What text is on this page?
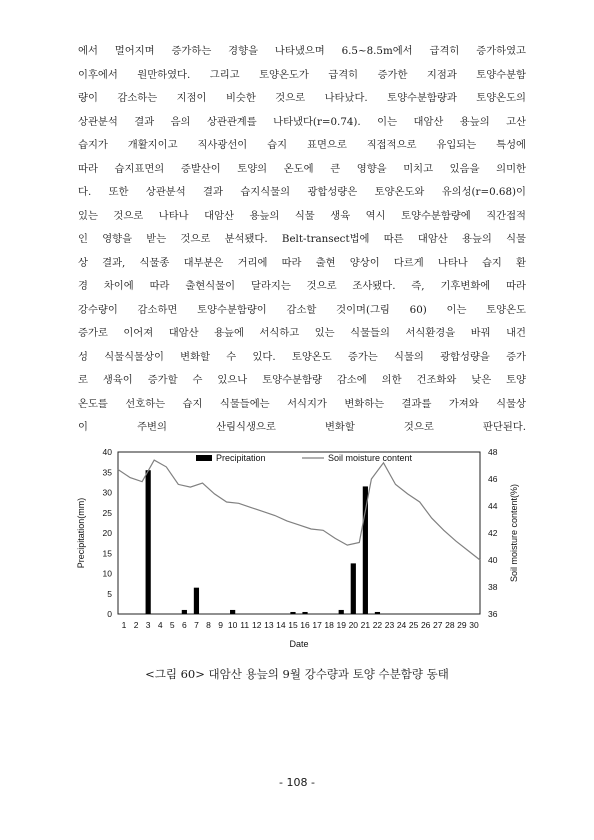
에서 멀어지며 증가하는 경향을 나타냈으며 6.5~8.5m에서 급격히 증가하였고
이후에서 원만하였다. 그리고 토양온도가 급격히 증가한 지점과 토양수분함
량이 감소하는 지점이 비슷한 것으로 나타났다. 토양수분함량과 토양온도의
상관분석 결과 음의 상관관계를 나타냈다(r=0.74). 이는 대암산 용늪의 고산
습지가 개활지이고 직사광선이 습지 표면으로 직접적으로 유입되는 특성에
따라 습지표면의 증발산이 토양의 온도에 큰 영향을 미치고 있음을 의미한
다. 또한 상관분석 결과 습지식물의 광합성량은 토양온도와 유의성(r=0.68)이
있는 것으로 나타나 대암산 용늪의 식물 생육 역시 토양수분함량에 직간접적
인 영향을 받는 것으로 분석됐다. Belt-transect법에 따른 대암산 용늪의 식물
상 결과, 식물종 대부분은 거리에 따라 출현 양상이 다르게 나타나 습지 환
경 차이에 따라 출현식물이 달라지는 것으로 조사됐다. 즉, 기후변화에 따라
강수량이 감소하면 토양수분함량이 감소할 것이며(그림 60) 이는 토양온도
증가로 이어져 대암산 용늪에 서식하고 있는 식물들의 서식환경을 바꿔 내건
성 식물식물상이 변화할 수 있다. 토양온도 증가는 식물의 광합성량을 증가
로 생육이 증가할 수 있으나 토양수분함량 감소에 의한 건조화와 낮은 토양
온도를 선호하는 습지 식물들에는 서식지가 변화하는 결과를 가져와 식물상
이 주변의 산림식생으로 변화할 것으로 판단된다.
0
5
10
15
20
25
30
35
40
36
38
40
42
44
46
48
1 2 3 4 5 6 7 8 9 10 11 12 13 14 15 16 17 18 19 20 21 22 23 24 25 26 27 28 29 30
Precipitation	Soil moisture content
Date
Precipitation(mm)	Soil moisture content(%)
<그림 60> 대암산 용늪의 9월 강수량과 토양 수분함량 동태
- 108 -
